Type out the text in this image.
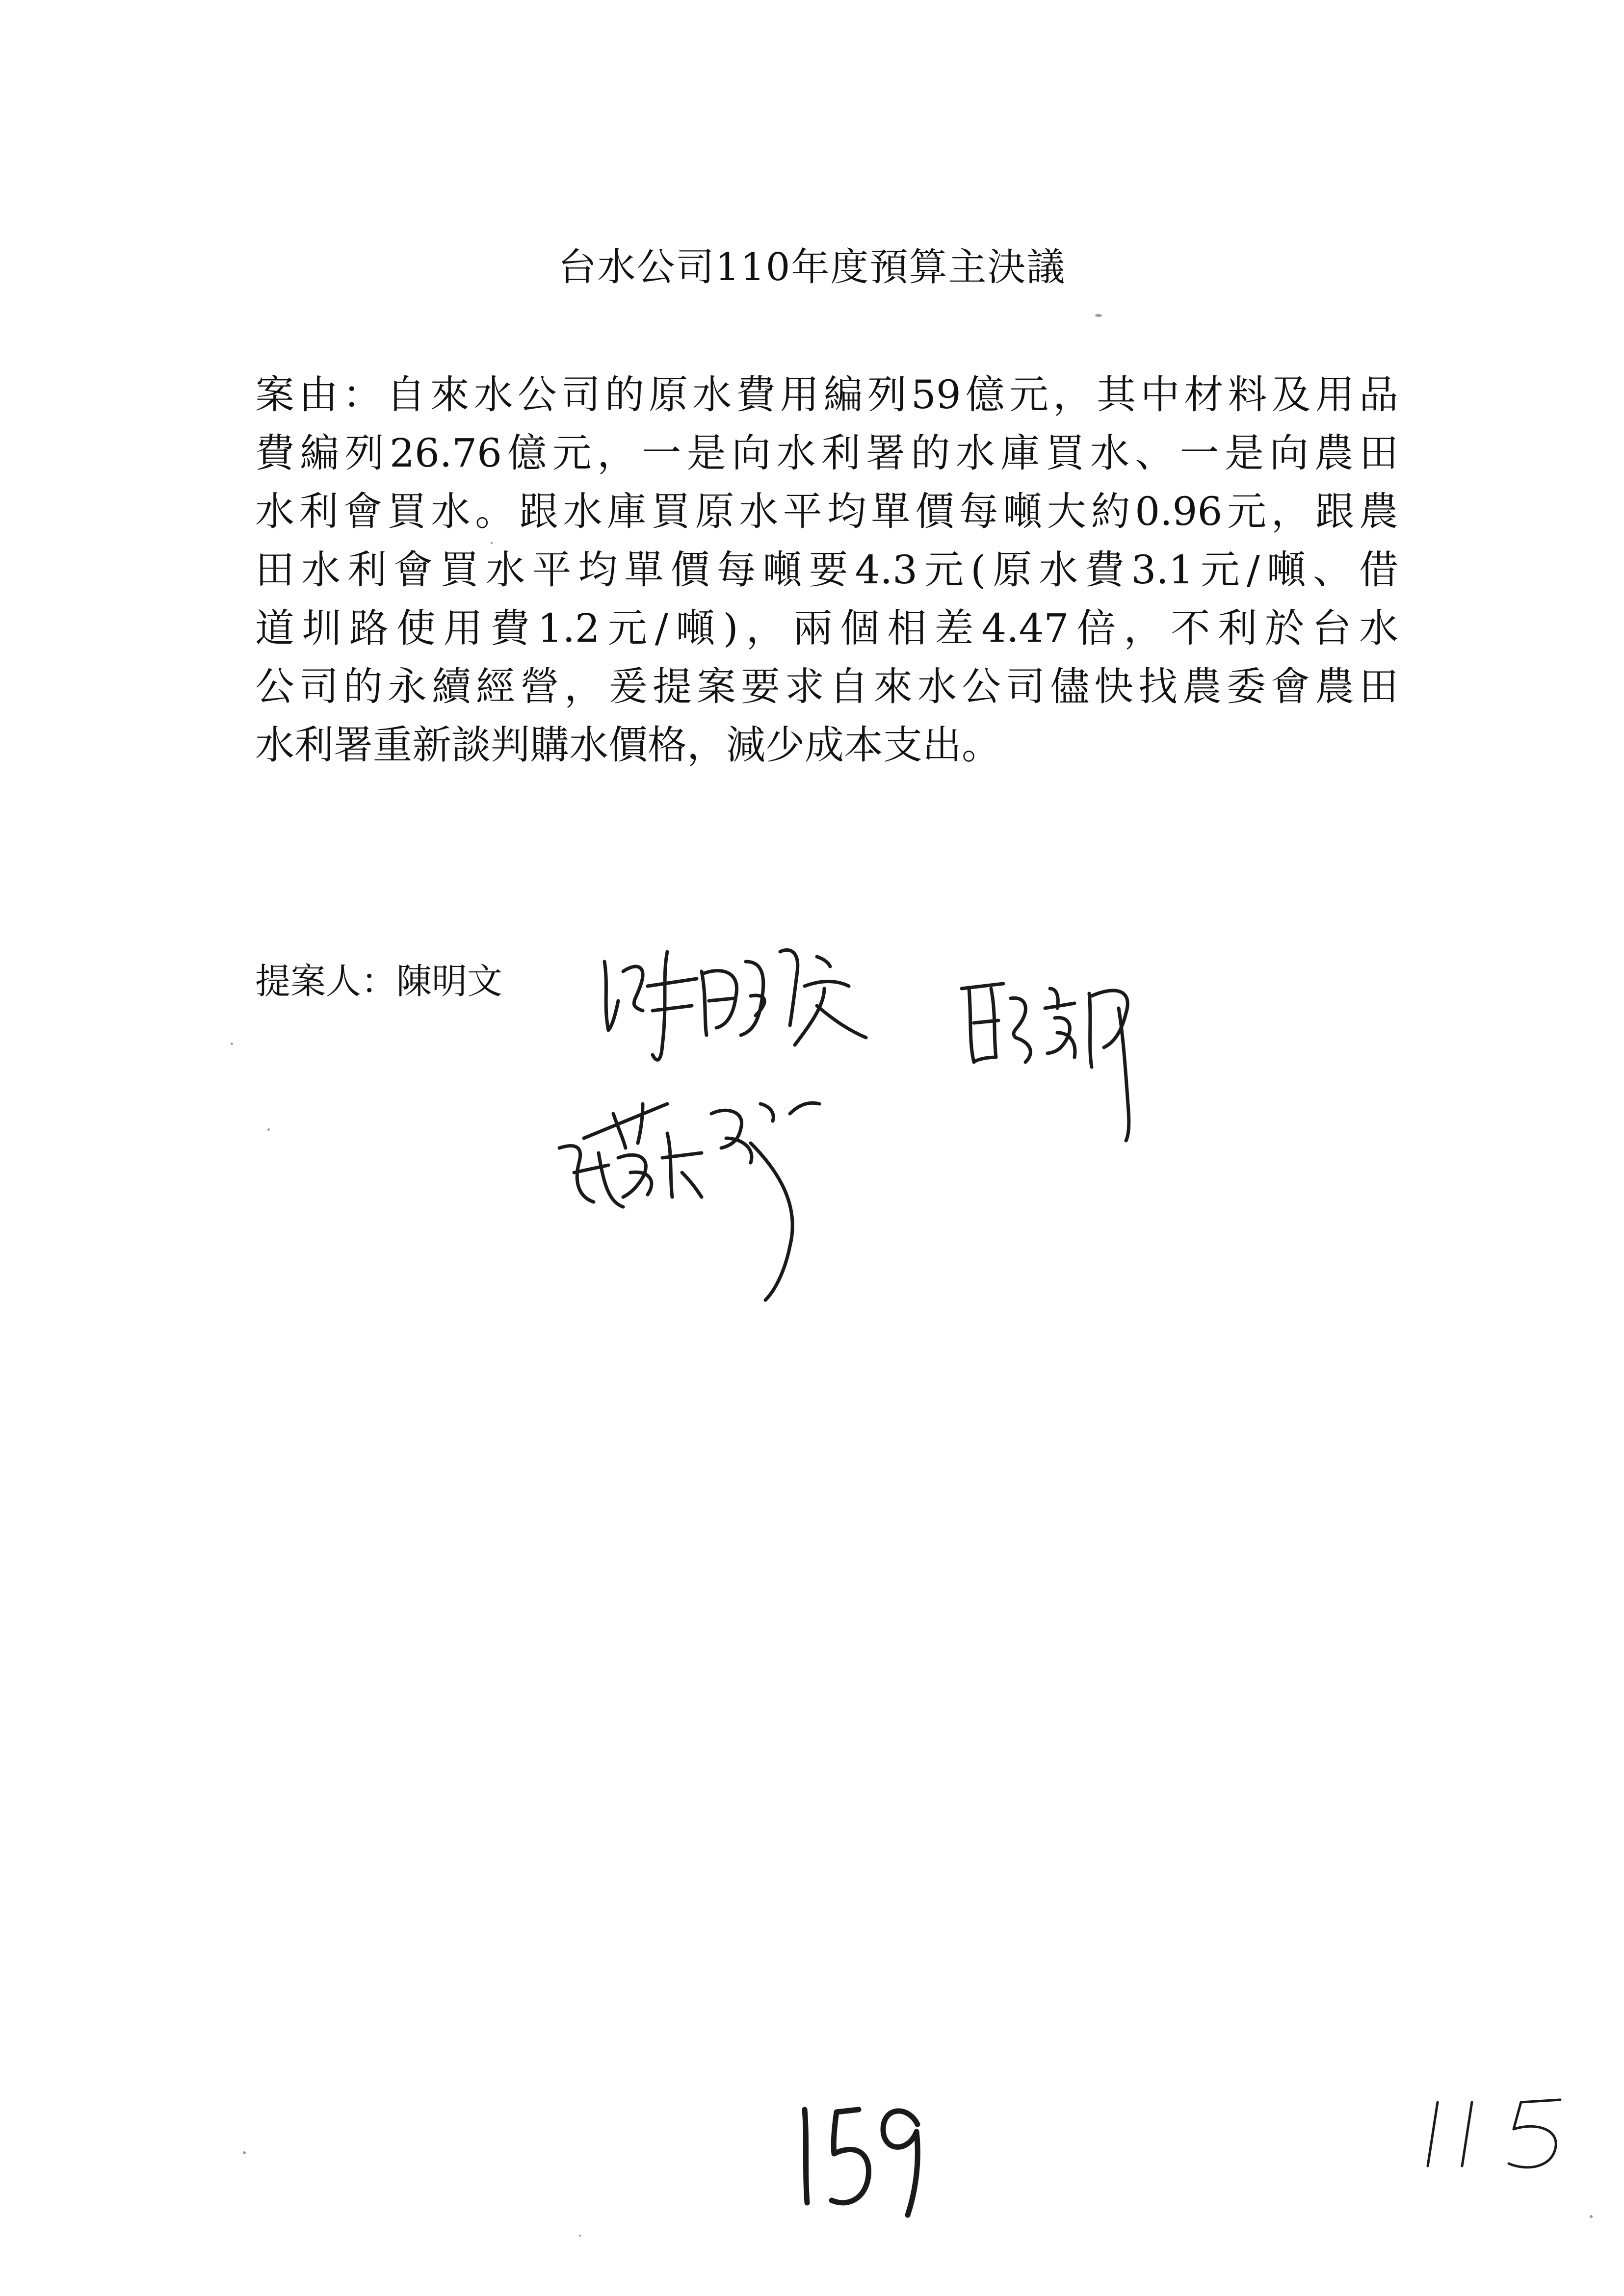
台水公司110年度預算主決議
案由：自來水公司的原水費用編列59億元，其中材料及用品
費編列26.76億元，一是向水利署的水庫買水、一是向農田
水利會買水。跟水庫買原水平均單價每噸大約0.96元，跟農
田水利會買水平均單價每噸要4.3元(原水費3.1元/噸、借
道圳路使用費1.2元/噸)，兩個相差4.47倍，不利於台水
公司的永續經營，爰提案要求自來水公司儘快找農委會農田
水利署重新談判購水價格，減少成本支出。
提案人：陳明文
